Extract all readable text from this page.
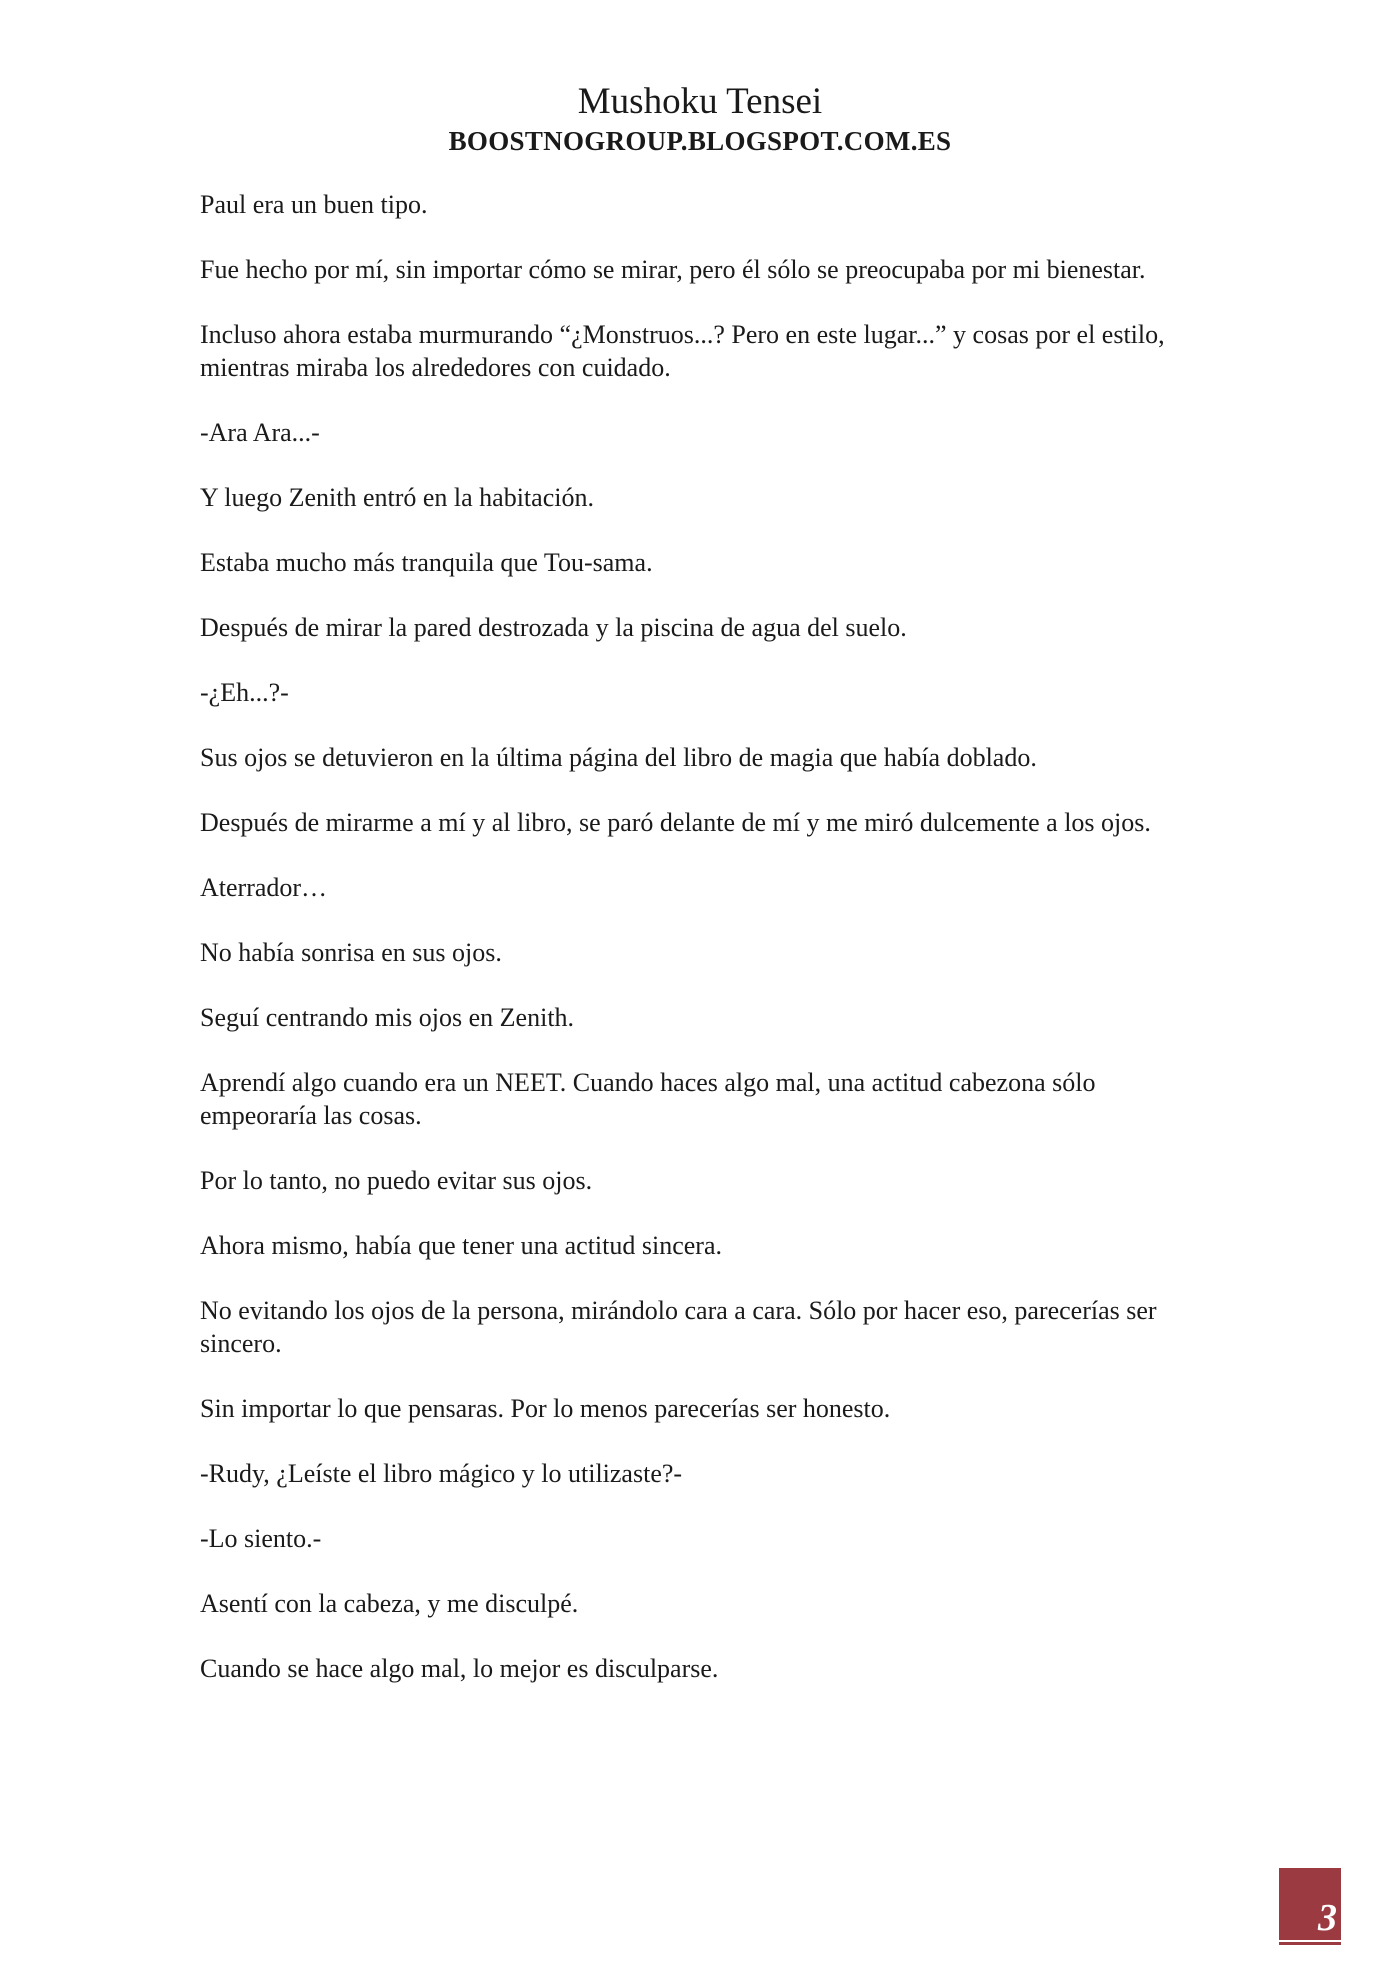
Mushoku Tensei
BOOSTNOGROUP.BLOGSPOT.COM.ES

Paul era un buen tipo.

Fue hecho por mí, sin importar cómo se mirar, pero él sólo se preocupaba por mi bienestar.

Incluso ahora estaba murmurando “¿Monstruos...? Pero en este lugar...” y cosas por el estilo, mientras miraba los alrededores con cuidado.

-Ara Ara...-

Y luego Zenith entró en la habitación.

Estaba mucho más tranquila que Tou-sama.

Después de mirar la pared destrozada y la piscina de agua del suelo.

-¿Eh...?-

Sus ojos se detuvieron en la última página del libro de magia que había doblado.

Después de mirarme a mí y al libro, se paró delante de mí y me miró dulcemente a los ojos.

Aterrador…

No había sonrisa en sus ojos.

Seguí centrando mis ojos en Zenith.

Aprendí algo cuando era un NEET. Cuando haces algo mal, una actitud cabezona sólo empeoraría las cosas.

Por lo tanto, no puedo evitar sus ojos.

Ahora mismo, había que tener una actitud sincera.

No evitando los ojos de la persona, mirándolo cara a cara. Sólo por hacer eso, parecerías ser sincero.

Sin importar lo que pensaras. Por lo menos parecerías ser honesto.

-Rudy, ¿Leíste el libro mágico y lo utilizaste?-

-Lo siento.-

Asentí con la cabeza, y me disculpé.

Cuando se hace algo mal, lo mejor es disculparse.

3
